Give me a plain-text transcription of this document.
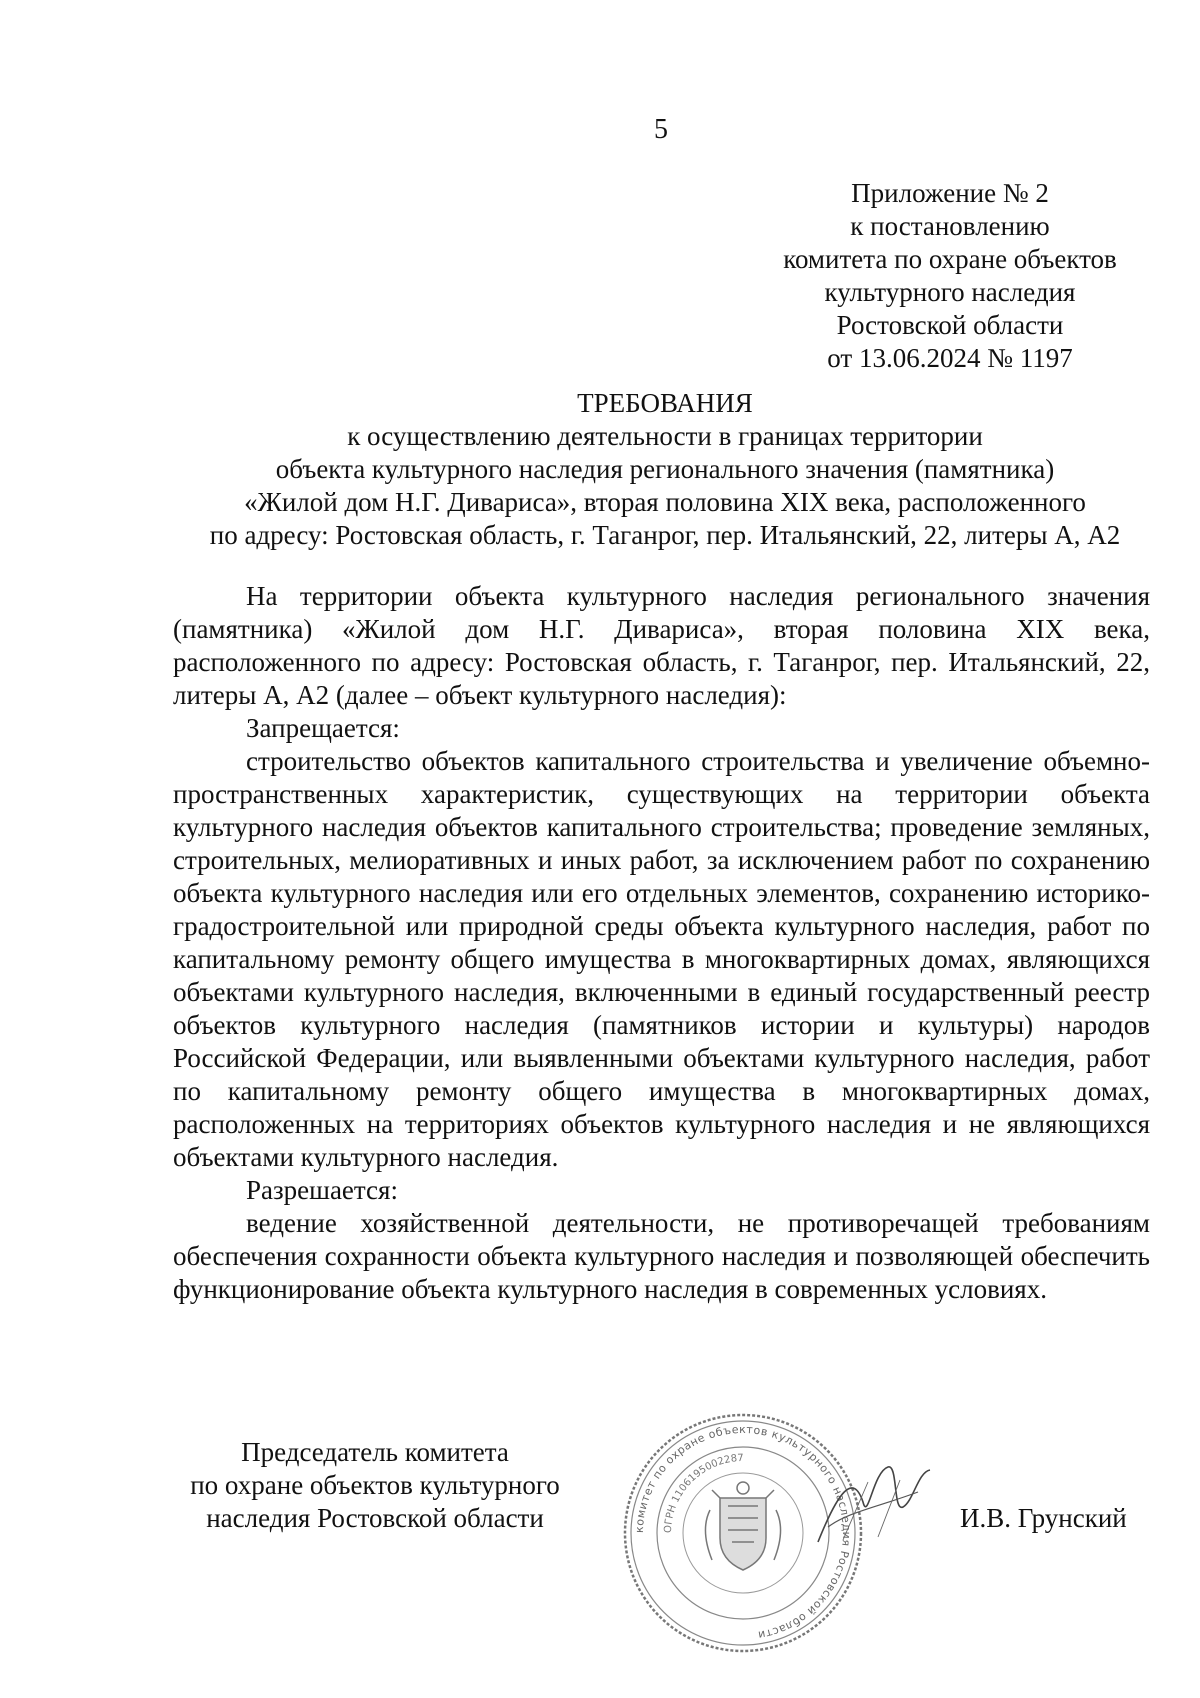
5
Приложение № 2
к постановлению
комитета по охране объектов
культурного наследия
Ростовской области
от 13.06.2024 № 1197
ТРЕБОВАНИЯ
к осуществлению деятельности в границах территории
объекта культурного наследия регионального значения (памятника)
«Жилой дом Н.Г. Дивариса», вторая половина XIX века, расположенного
по адресу: Ростовская область, г. Таганрог, пер. Итальянский, 22, литеры А, А2

На территории объекта культурного наследия регионального значения (памятника) «Жилой дом Н.Г. Дивариса», вторая половина XIX века, расположенного по адресу: Ростовская область, г. Таганрог, пер. Итальянский, 22, литеры А, А2 (далее – объект культурного наследия):

Запрещается:

строительство объектов капитального строительства и увеличение объемно-пространственных характеристик, существующих на территории объекта культурного наследия объектов капитального строительства; проведение земляных, строительных, мелиоративных и иных работ, за исключением работ по сохранению объекта культурного наследия или его отдельных элементов, сохранению историко-градостроительной или природной среды объекта культурного наследия, работ по капитальному ремонту общего имущества в многоквартирных домах, являющихся объектами культурного наследия, включенными в единый государственный реестр объектов культурного наследия (памятников истории и культуры) народов Российской Федерации, или выявленными объектами культурного наследия, работ по капитальному ремонту общего имущества в многоквартирных домах, расположенных на территориях объектов культурного наследия и не являющихся объектами культурного наследия.

Разрешается:

ведение хозяйственной деятельности, не противоречащей требованиям обеспечения сохранности объекта культурного наследия и позволяющей обеспечить функционирование объекта культурного наследия в современных условиях.

Председатель комитета
по охране объектов культурного
наследия Ростовской области	комитет по охране объектов культурного наследия Ростовской области
ОГРН 1106195002287
И.В. Грунский
